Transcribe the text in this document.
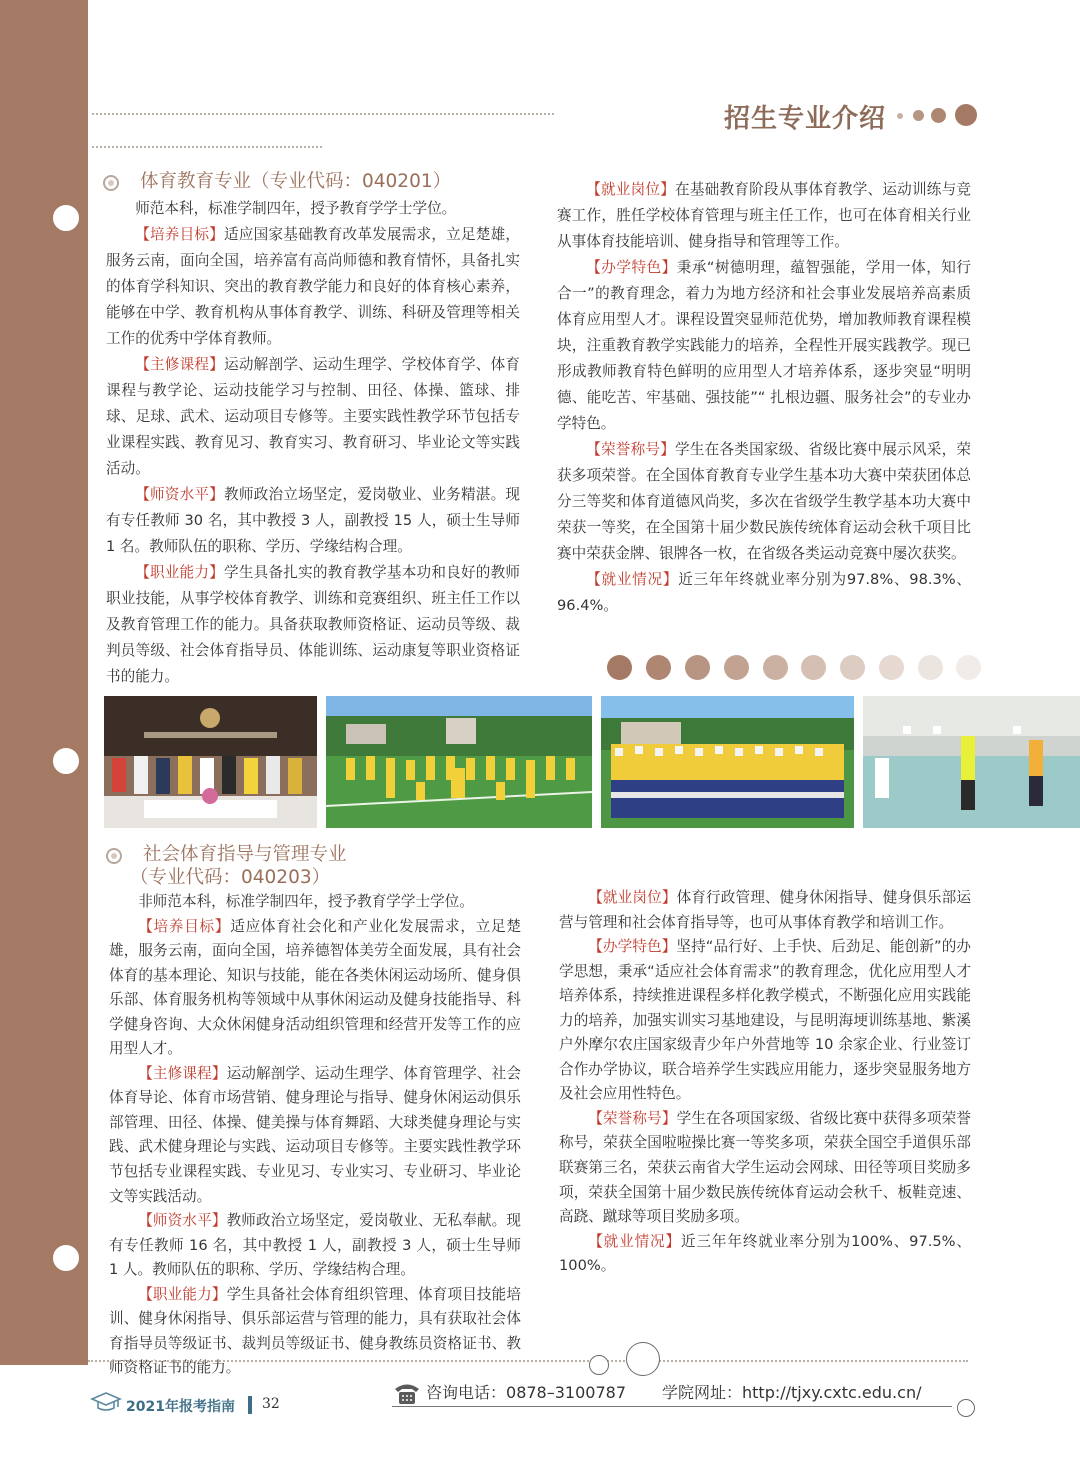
招生专业介绍
体育教育专业（专业代码：040201）

师范本科，标准学制四年，授予教育学学士学位。

【培养目标】适应国家基础教育改革发展需求，立足楚雄，服务云南，面向全国，培养富有高尚师德和教育情怀，具备扎实的体育学科知识、突出的教育教学能力和良好的体育核心素养，能够在中学、教育机构从事体育教学、训练、科研及管理等相关工作的优秀中学体育教师。

【主修课程】运动解剖学、运动生理学、学校体育学、体育课程与教学论、运动技能学习与控制、田径、体操、篮球、排球、足球、武术、运动项目专修等。主要实践性教学环节包括专业课程实践、教育见习、教育实习、教育研习、毕业论文等实践活动。

【师资水平】教师政治立场坚定，爱岗敬业、业务精湛。现有专任教师 30 名，其中教授 3 人，副教授 15 人，硕士生导师 1 名。教师队伍的职称、学历、学缘结构合理。

【职业能力】学生具备扎实的教育教学基本功和良好的教师职业技能，从事学校体育教学、训练和竞赛组织、班主任工作以及教育管理工作的能力。具备获取教师资格证、运动员等级、裁判员等级、社会体育指导员、体能训练、运动康复等职业资格证书的能力。

【就业岗位】在基础教育阶段从事体育教学、运动训练与竞赛工作，胜任学校体育管理与班主任工作，也可在体育相关行业从事体育技能培训、健身指导和管理等工作。

【办学特色】秉承“树德明理，蕴智强能，学用一体，知行合一”的教育理念，着力为地方经济和社会事业发展培养高素质体育应用型人才。课程设置突显师范优势，增加教师教育课程模块，注重教育教学实践能力的培养，全程性开展实践教学。现已形成教师教育特色鲜明的应用型人才培养体系，逐步突显“明明德、能吃苦、牢基础、强技能”“ 扎根边疆、服务社会”的专业办学特色。

【荣誉称号】学生在各类国家级、省级比赛中展示风采，荣获多项荣誉。在全国体育教育专业学生基本功大赛中荣获团体总分三等奖和体育道德风尚奖，多次在省级学生教学基本功大赛中荣获一等奖，在全国第十届少数民族传统体育运动会秋千项目比赛中荣获金牌、银牌各一枚，在省级各类运动竞赛中屡次获奖。

【就业情况】近三年年终就业率分别为97.8%、98.3%、96.4%。

社会体育指导与管理专业
（专业代码：040203）

非师范本科，标准学制四年，授予教育学学士学位。

【培养目标】适应体育社会化和产业化发展需求，立足楚雄，服务云南，面向全国，培养德智体美劳全面发展，具有社会体育的基本理论、知识与技能，能在各类休闲运动场所、健身俱乐部、体育服务机构等领域中从事休闲运动及健身技能指导、科学健身咨询、大众休闲健身活动组织管理和经营开发等工作的应用型人才。

【主修课程】运动解剖学、运动生理学、体育管理学、社会体育导论、体育市场营销、健身理论与指导、健身休闲运动俱乐部管理、田径、体操、健美操与体育舞蹈、大球类健身理论与实践、武术健身理论与实践、运动项目专修等。主要实践性教学环节包括专业课程实践、专业见习、专业实习、专业研习、毕业论文等实践活动。

【师资水平】教师政治立场坚定，爱岗敬业、无私奉献。现有专任教师 16 名，其中教授 1 人，副教授 3 人，硕士生导师 1 人。教师队伍的职称、学历、学缘结构合理。

【职业能力】学生具备社会体育组织管理、体育项目技能培训、健身休闲指导、俱乐部运营与管理的能力，具有获取社会体育指导员等级证书、裁判员等级证书、健身教练员资格证书、教师资格证书的能力。

【就业岗位】体育行政管理、健身休闲指导、健身俱乐部运营与管理和社会体育指导等，也可从事体育教学和培训工作。

【办学特色】坚持“品行好、上手快、后劲足、能创新”的办学思想，秉承“适应社会体育需求”的教育理念，优化应用型人才培养体系，持续推进课程多样化教学模式，不断强化应用实践能力的培养，加强实训实习基地建设，与昆明海埂训练基地、紫溪户外摩尔农庄国家级青少年户外营地等 10 余家企业、行业签订合作办学协议，联合培养学生实践应用能力，逐步突显服务地方及社会应用性特色。

【荣誉称号】学生在各项国家级、省级比赛中获得多项荣誉称号，荣获全国啦啦操比赛一等奖多项，荣获全国空手道俱乐部联赛第三名，荣获云南省大学生运动会网球、田径等项目奖励多项，荣获全国第十届少数民族传统体育运动会秋千、板鞋竞速、高跷、蹴球等项目奖励多项。

【就业情况】近三年年终就业率分别为100%、97.5%、100%。

2021年报考指南 32
咨询电话：0878–3100787 学院网址：http://tjxy.cxtc.edu.cn/
